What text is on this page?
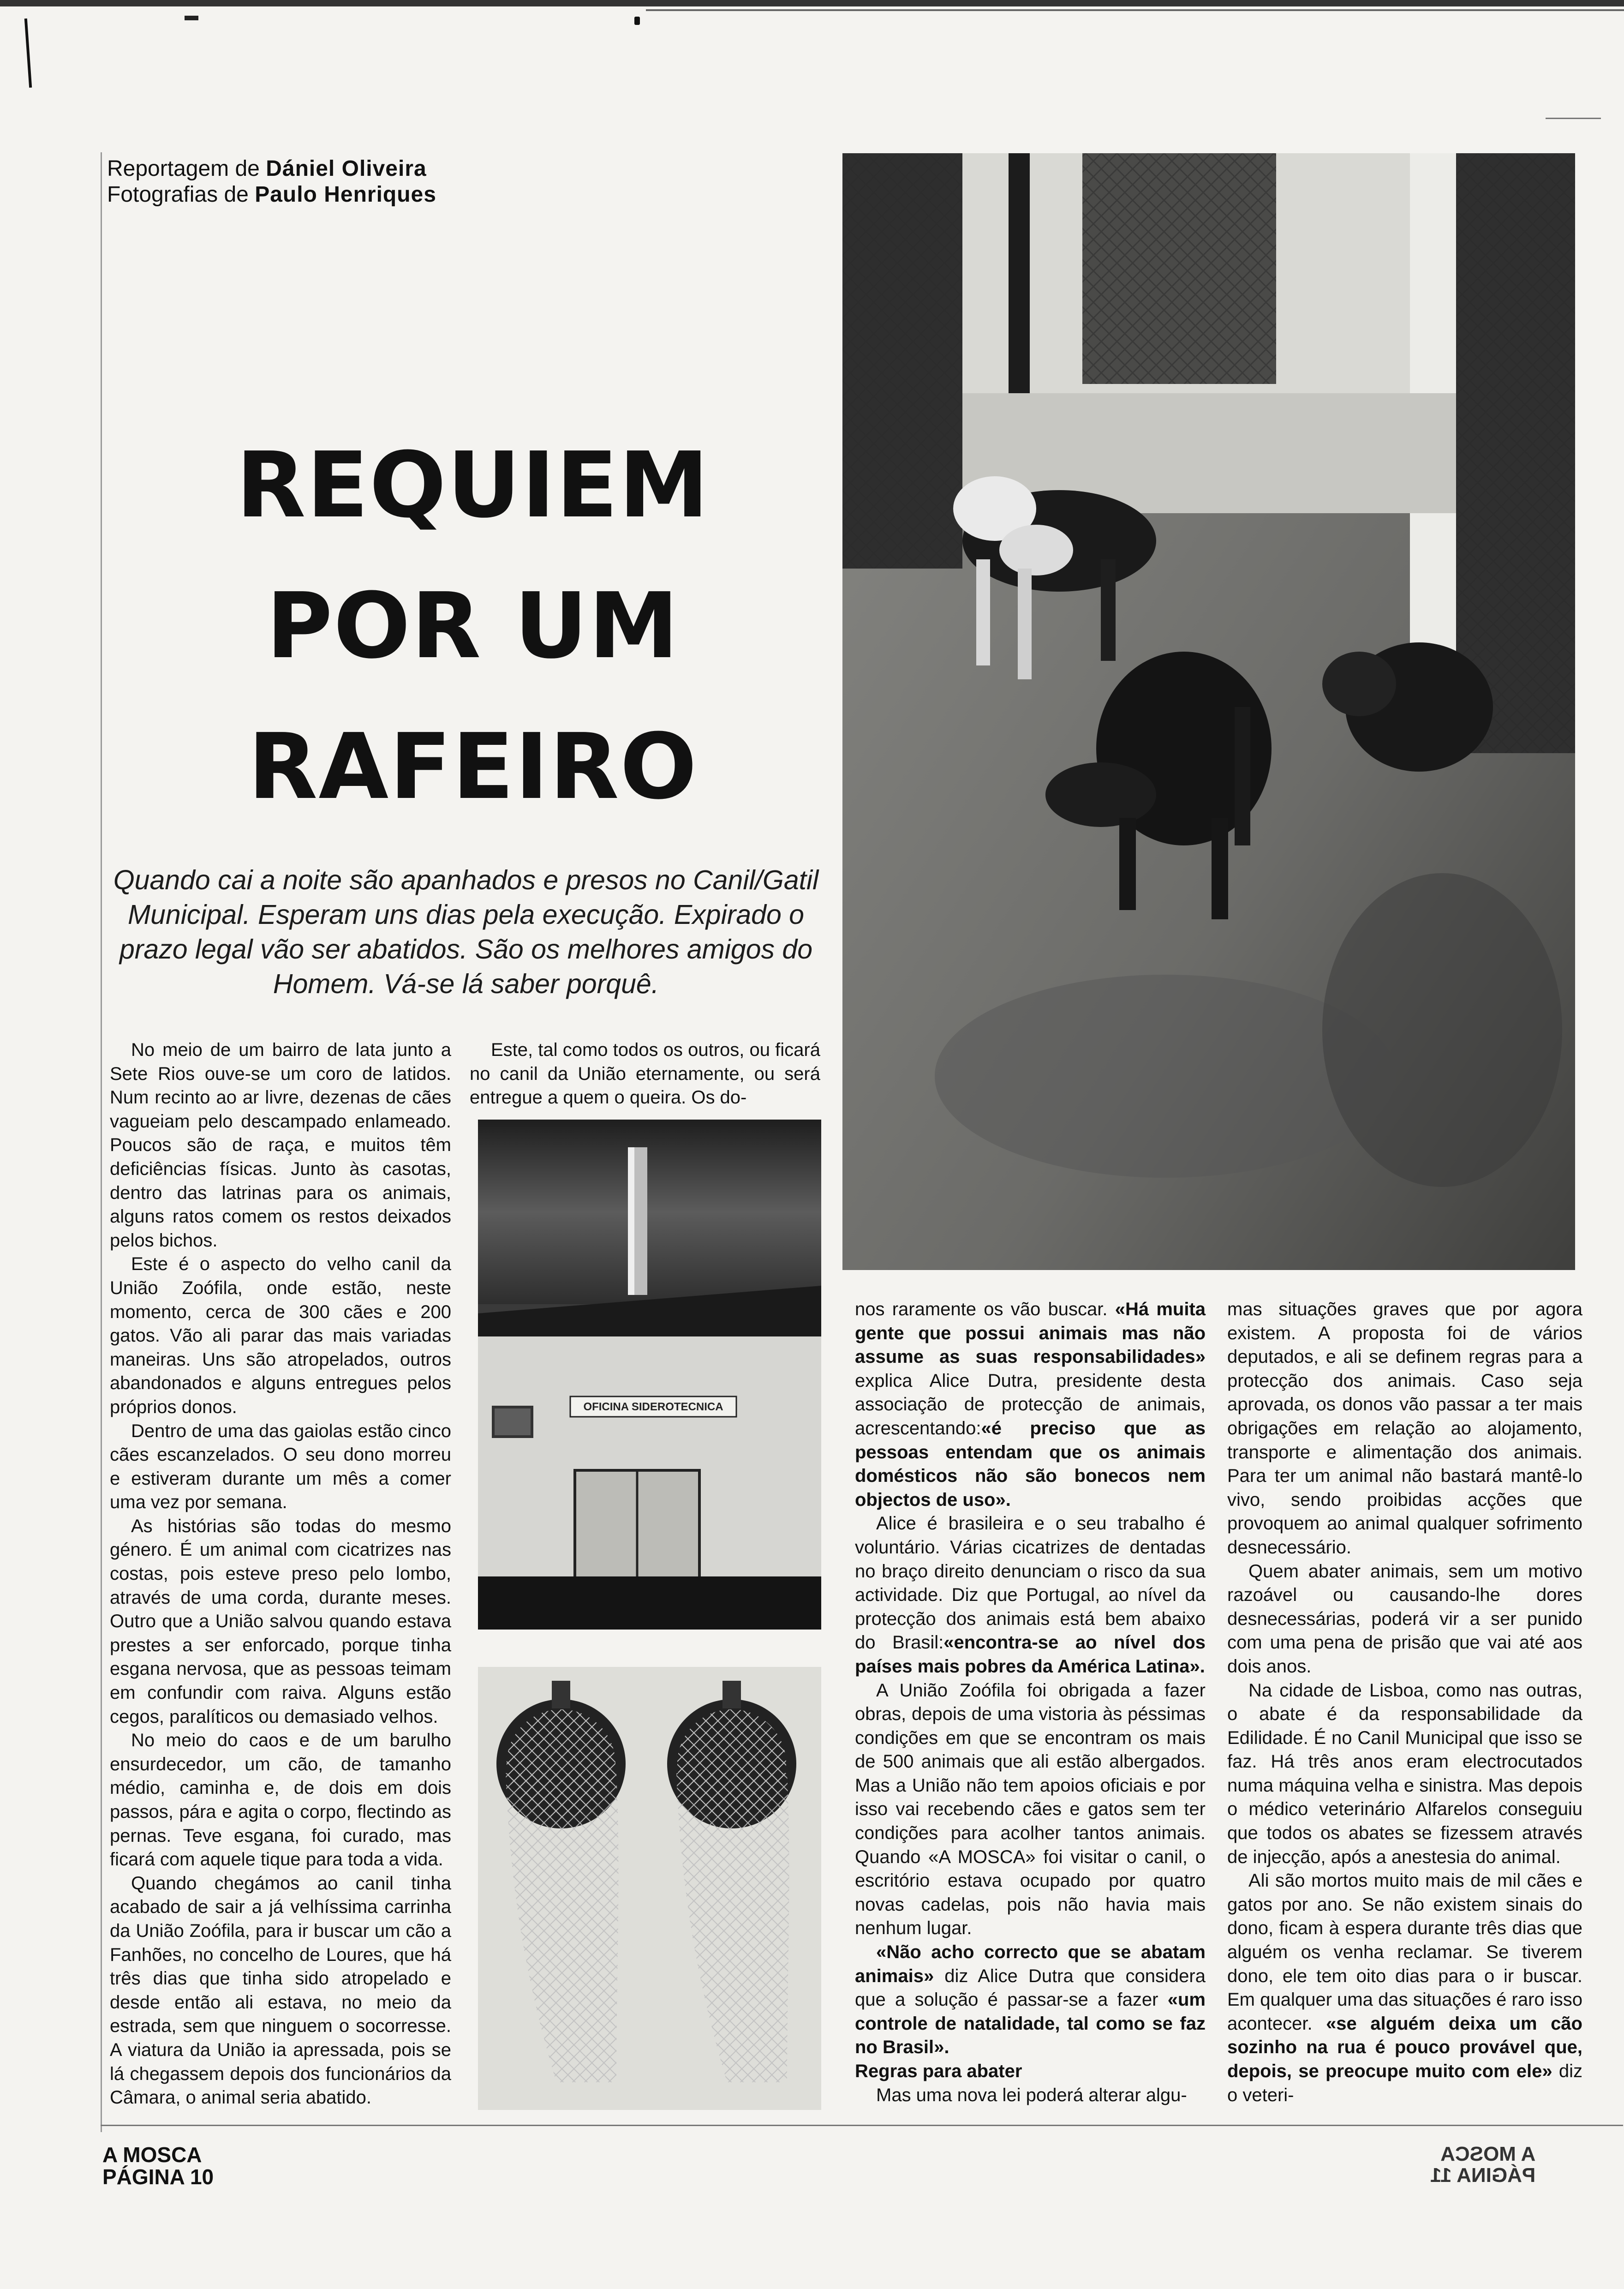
Reportagem de Dániel Oliveira
Fotografias de Paulo Henriques
REQUIEM
POR UM
RAFEIRO
Quando cai a noite são apanhados e presos no Canil/Gatil Municipal. Esperam uns dias pela execução. Expirado o prazo legal vão ser abatidos. São os melhores amigos do Homem. Vá-se lá saber porquê.

No meio de um bairro de lata junto a Sete Rios ouve-se um coro de latidos. Num recinto ao ar livre, dezenas de cães vagueiam pelo descampado enlameado. Poucos são de raça, e muitos têm deficiências físicas. Junto às casotas, dentro das latrinas para os animais, alguns ratos comem os restos deixados pelos bichos.

Este é o aspecto do velho canil da União Zoófila, onde estão, neste momento, cerca de 300 cães e 200 gatos. Vão ali parar das mais variadas maneiras. Uns são atropelados, outros abandonados e alguns entregues pelos próprios donos.

Dentro de uma das gaiolas estão cinco cães escanzelados. O seu dono morreu e estiveram durante um mês a comer uma vez por semana.

As histórias são todas do mesmo género. É um animal com cicatrizes nas costas, pois esteve preso pelo lombo, através de uma corda, durante meses. Outro que a União salvou quando estava prestes a ser enforcado, porque tinha esgana nervosa, que as pessoas teimam em confundir com raiva. Alguns estão cegos, paralíticos ou demasiado velhos.

No meio do caos e de um barulho ensurdecedor, um cão, de tamanho médio, caminha e, de dois em dois passos, pára e agita o corpo, flectindo as pernas. Teve esgana, foi curado, mas ficará com aquele tique para toda a vida.

Quando chegámos ao canil tinha acabado de sair a já velhíssima carrinha da União Zoófila, para ir buscar um cão a Fanhões, no concelho de Loures, que há três dias que tinha sido atropelado e desde então ali estava, no meio da estrada, sem que ninguem o socorresse. A viatura da União ia apressada, pois se lá chegassem depois dos funcionários da Câmara, o animal seria abatido.

Este, tal como todos os outros, ou ficará no canil da União eternamente, ou será entregue a quem o queira. Os do-

OFICINA SIDEROTECNICA

nos raramente os vão buscar. «Há muita gente que possui animais mas não assume as suas responsabilidades» explica Alice Dutra, presidente desta associação de protecção de animais, acrescentando:«é preciso que as pessoas entendam que os animais domésticos não são bonecos nem objectos de uso».

Alice é brasileira e o seu trabalho é voluntário. Várias cicatrizes de dentadas no braço direito denunciam o risco da sua actividade. Diz que Portugal, ao nível da protecção dos animais está bem abaixo do Brasil:«encontra-se ao nível dos países mais pobres da América Latina».

A União Zoófila foi obrigada a fazer obras, depois de uma vistoria às péssimas condições em que se encontram os mais de 500 animais que ali estão albergados. Mas a União não tem apoios oficiais e por isso vai recebendo cães e gatos sem ter condições para acolher tantos animais. Quando «A MOSCA» foi visitar o canil, o escritório estava ocupado por quatro novas cadelas, pois não havia mais nenhum lugar.

«Não acho correcto que se abatam animais» diz Alice Dutra que considera que a solução é passar-se a fazer «um controle de natalidade, tal como se faz no Brasil».

Regras para abater

Mas uma nova lei poderá alterar algu-

mas situações graves que por agora existem. A proposta foi de vários deputados, e ali se definem regras para a protecção dos animais. Caso seja aprovada, os donos vão passar a ter mais obrigações em relação ao alojamento, transporte e alimentação dos animais. Para ter um animal não bastará mantê-lo vivo, sendo proibidas acções que provoquem ao animal qualquer sofrimento desnecessário.

Quem abater animais, sem um motivo razoável ou causando-lhe dores desnecessárias, poderá vir a ser punido com uma pena de prisão que vai até aos dois anos.

Na cidade de Lisboa, como nas outras, o abate é da responsabilidade da Edilidade. É no Canil Municipal que isso se faz. Há três anos eram electrocutados numa máquina velha e sinistra. Mas depois o médico veterinário Alfarelos conseguiu que todos os abates se fizessem através de injecção, após a anestesia do animal.

Ali são mortos muito mais de mil cães e gatos por ano. Se não existem sinais do dono, ficam à espera durante três dias que alguém os venha reclamar. Se tiverem dono, ele tem oito dias para o ir buscar. Em qualquer uma das situações é raro isso acontecer. «se alguém deixa um cão sozinho na rua é pouco provável que, depois, se preocupe muito com ele» diz o veteri-

A MOSCA
PÁGINA 10
A MOSCA
PÁGINA 11
